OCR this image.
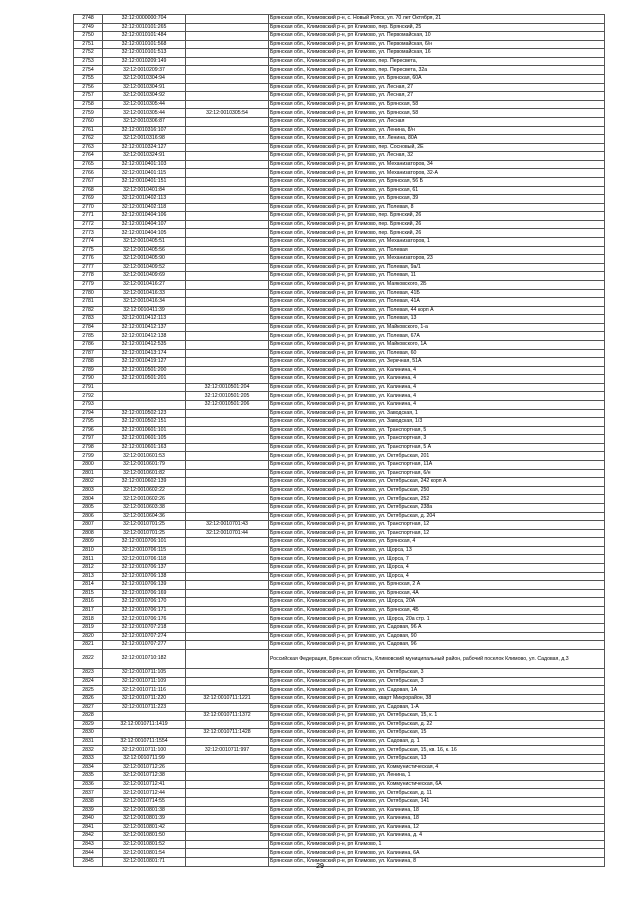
2748	32:12:0000000:704		Брянская обл., Климовский р-н, с. Новый Ропск, ул. 70 лет Октября, 21
2749	32:12:0010101:265		Брянская обл., Климовский р-н, рп Климово, пер. Брянский, 25
2750	32:12:0010101:484		Брянская обл., Климовский р-н, рп Климово, ул. Первомайская, 10
2751	32:12:0010101:568		Брянская обл., Климовский р-н, рп Климово, ул. Первомайская, 6/н
2752	32:12:0010101:513		Брянская обл., Климовский р-н, рп Климово, ул. Первомайская, 16
2753	32:12:0010209:149		Брянская обл., Климовский р-н, рп Климово, пер. Пересвета,
2754	32:12:0010209:37		Брянская обл., Климовский р-н, рп Климово, пер. Пересвета, 32а
2755	32:12:0010304:94		Брянская обл., Климовский р-н, рп Климово, ул. Брянская, 60А
2756	32:12:0010304:91		Брянская обл., Климовский р-н, рп Климово, ул. Лесная, 27
2757	32:12:0010304:92		Брянская обл., Климовский р-н, рп Климово, ул. Лесная, 27
2758	32:12:0010305:44		Брянская обл., Климовский р-н, рп Климово, ул. Брянская, 58
2759	32:12:0010305:44	32:12:0010305:54	Брянская обл., Климовский р-н, рп Климово, ул. Брянская, 58
2760	32:12:0010306:87		Брянская обл., Климовский р-н, рп Климово, ул. Лесная
2761	32:12:0010316:107		Брянская обл., Климовский р-н, рп Климово, ул. Ленина, 8/н
2762	32:12:0010316:98		Брянская обл., Климовский р-н, рп Климово, пл. Ленина, 80А
2763	32:12:0010324:127		Брянская обл., Климовский р-н, рп Климово, пер. Сосновый, 2Е
2764	32:12:0010324:91		Брянская обл., Климовский р-н, рп Климово, ул. Лесная, 32
2765	32:12:0010401:103		Брянская обл., Климовский р-н, рп Климово, ул. Механизаторов, 34
2766	32:12:0010401:115		Брянская обл., Климовский р-н, рп Климово, ул. Механизаторов, 32-А
2767	32:12:0010401:151		Брянская обл., Климовский р-н, рп Климово, ул. Брянская, 56 Б
2768	32:12:0010401:84		Брянская обл., Климовский р-н, рп Климово, ул. Брянская, 61
2769	32:12:0010402:113		Брянская обл., Климовский р-н, рп Климово, ул. Брянская, 39
2770	32:12:0010402:118		Брянская обл., Климовский р-н, рп Климово, ул. Полевая, 8
2771	32:12:0010404:106		Брянская обл., Климовский р-н, рп Климово, пер. Брянский, 26
2772	32:12:0010404:107		Брянская обл., Климовский р-н, рп Климово, пер. Брянский, 26
2773	32:12:0010404:105		Брянская обл., Климовский р-н, рп Климово, пер. Брянский, 26
2774	32:12:0010405:51		Брянская обл., Климовский р-н, рп Климово, ул. Механизаторов, 1
2775	32:12:0010405:56		Брянская обл., Климовский р-н, рп Климово, ул. Полевая
2776	32:12:0010405:90		Брянская обл., Климовский р-н, рп Климово, ул. Механизаторов, 23
2777	32:12:0010409:52		Брянская обл., Климовский р-н, рп Климово, ул. Полевая, 9а/1
2778	32:12:0010409:69		Брянская обл., Климовский р-н, рп Климово, ул. Полевая, 11
2779	32:12:0010416:27		Брянская обл., Климовский р-н, рп Климово, ул. Маяковского, 2Б
2780	32:12:0010416:33		Брянская обл., Климовский р-н, рп Климово, ул. Полевая, 41Б
2781	32:12:0010416:34		Брянская обл., Климовский р-н, рп Климово, ул. Полевая, 41А
2782	32:12:0010411:39		Брянская обл., Климовский р-н, рп Климово, ул. Полевая, 44 корп А
2783	32:12:0010412:113		Брянская обл., Климовский р-н, рп Климово, ул. Полевая, 13
2784	32:12:0010412:137		Брянская обл., Климовский р-н, рп Климово, ул. Майковского, 1-а
2785	32:12:0010412:138		Брянская обл., Климовский р-н, рп Климово, ул. Полевая, 67А
2786	32:12:0010412:535		Брянская обл., Климовский р-н, рп Климово, ул. Майковского, 1А
2787	32:12:0010413:174		Брянская обл., Климовский р-н, рп Климово, ул. Полевая, 60
2788	32:12:0010419:127		Брянская обл., Климовский р-н, рп Климово, ул. Зеркчная, 51А
2789	32:12:0010501:200		Брянская обл., Климовский р-н, рп Климово, ул. Калинина, 4
2790	32:12:0010501:201		Брянская обл., Климовский р-н, рп Климово, ул. Калинина, 4
2791		32:12:0010501:204	Брянская обл., Климовский р-н, рп Климово, ул. Калинина, 4
2792		32:12:0010501:205	Брянская обл., Климовский р-н, рп Климово, ул. Калинина, 4
2793		32:12:0010501:206	Брянская обл., Климовский р-н, рп Климово, ул. Калинина, 4
2794	32:12:0010502:123		Брянская обл., Климовский р-н, рп Климово, ул. Заводская, 1
2795	32:12:0010502:151		Брянская обл., Климовский р-н, рп Климово, ул. Заводская, 1/3
2796	32:12:0010601:101		Брянская обл., Климовский р-н, рп Климово, ул. Транспортная, 5
2797	32:12:0010601:105		Брянская обл., Климовский р-н, рп Климово, ул. Транспортная, 3
2798	32:12:0010601:163		Брянская обл., Климовский р-н, рп Климово, ул. Транспортная, 5 А
2799	32:12:0010601:53		Брянская обл., Климовский р-н, рп Климово, ул. Октябрьская, 201
2800	32:12:0010601:79		Брянская обл., Климовский р-н, рп Климово, ул. Транспортная, 11А
2801	32:12:0010601:82		Брянская обл., Климовский р-н, рп Климово, ул. Транспортная, 6/н
2802	32:12:0010602:139		Брянская обл., Климовский р-н, рп Климово, ул. Октябрьская, 242 корп А
2803	32:12:0010602:22		Брянская обл., Климовский р-н, рп Климово, ул. Октябрьская, 250
2804	32:12:0010602:26		Брянская обл., Климовский р-н, рп Климово, ул. Октябрьская, 252
2805	32:12:0010603:38		Брянская обл., Климовский р-н, рп Климово, ул. Октябрьская, 238а
2806	32:12:0010604:36		Брянская обл., Климовский р-н, рп Климово, ул. Октябрьская, д. 204
2807	32:12:0010701:25	32:12:0010701:43	Брянская обл., Климовский р-н, рп Климово, ул. Транспортная, 12
2808	32:12:0010701:25	32:12:0010701:44	Брянская обл., Климовский р-н, рп Климово, ул. Транспортная, 12
2809	32:12:0010706:101		Брянская обл., Климовский р-н, рп Климово, ул. Брянская, 4
2810	32:12:0010706:115		Брянская обл., Климовский р-н, рп Климово, ул. Щорса, 13
2811	32:12:0010706:118		Брянская обл., Климовский р-н, рп Климово, ул. Щорса, 7
2812	32:12:0010706:137		Брянская обл., Климовский р-н, рп Климово, ул. Щорса, 4
2813	32:12:0010706:138		Брянская обл., Климовский р-н, рп Климово, ул. Щорса, 4
2814	32:12:0010706:139		Брянская обл., Климовский р-н, рп Климово, ул. Брянская, 2 А
2815	32:12:0010706:169		Брянская обл., Климовский р-н, рп Климово, ул. Брянская, 4А
2816	32:12:0010706:170		Брянская обл., Климовский р-н, рп Климово, ул. Щорса, 20А
2817	32:12:0010706:171		Брянская обл., Климовский р-н, рп Климово, ул. Брянская, 4Б
2818	32:12:0010706:176		Брянская обл., Климовский р-н, рп Климово, ул. Щорса, 20а стр. 1
2819	32:12:0010707:218		Брянская обл., Климовский р-н, рп Климово, ул. Садовая, 96 А
2820	32:12:0010707:274		Брянская обл., Климовский р-н, рп Климово, ул. Садовая, 90
2821	32:12:0010707:277		Брянская обл., Климовский р-н, рп Климово, ул. Садовая, 96
2822	32:12:0010710:182		Российская Федерация, Брянская область, Климовский муниципальный район, рабочий поселок Климово, ул. Садовая, д.3
2823	32:12:0010711:105		Брянская обл., Климовский р-н, рп Климово, ул. Октябрьская, 3
2824	32:12:0010711:109		Брянская обл., Климовский р-н, рп Климово, ул. Октябрьская, 3
2825	32:12:0010711:116		Брянская обл., Климовский р-н, рп Климово, ул. Садовая, 1А
2826	32:12:0010711:220	32:12:0010711:1221	Брянская обл., Климовский р-н, рп Климово, кварт Микрорайон, 38
2827	32:12:0010711:223		Брянская обл., Климовский р-н, рп Климово, ул. Садовая, 1-А
2828		32:12:0010711:1372	Брянская обл., Климовский р-н, рп Климово, ул. Октябрьская, 15, к. 1
2829	32:12:0010711:1419		Брянская обл., Климовский р-н, рп Климово, ул. Октябрьская, д. 22
2830		32:12:0010711:1428	Брянская обл., Климовский р-н, рп Климово, ул. Октябрьская, 15
2831	32:12:0010711:1554		Брянская обл., Климовский р-н, рп Климово, ул. Садовая, д. 1
2832	32:12:0010711:100	32:12:0010711:997	Брянская обл., Климовский р-н, рп Климово, ул. Октябрьская, 15, кв. 16, к. 16
2833	32:12:0010711:99		Брянская обл., Климовский р-н, рп Климово, ул. Октябрьская, 13
2834	32:12:0010712:26		Брянская обл., Климовский р-н, рп Климово, ул. Коммунистическая, 4
2835	32:12:0010712:38		Брянская обл., Климовский р-н, рп Климово, ул. Ленина, 1
2836	32:12:0010712:41		Брянская обл., Климовский р-н, рп Климово, ул. Коммунистическая, 6А
2837	32:12:0010712:44		Брянская обл., Климовский р-н, рп Климово, ул. Октябрьская, д. 11
2838	32:12:0010714:55		Брянская обл., Климовский р-н, рп Климово, ул. Октябрьская, 141
2839	32:12:0010801:38		Брянская обл., Климовский р-н, рп Климово, ул. Калинина, 18
2840	32:12:0010801:39		Брянская обл., Климовский р-н, рп Климово, ул. Калинина, 18
2841	32:12:0010801:42		Брянская обл., Климовский р-н, рп Климово, ул. Калинина, 12
2842	32:12:0010801:50		Брянская обл., Климовский р-н, рп Климово, ул. Калинина, д. 4
2843	32:12:0010801:52		Брянская обл., Климовский р-н, рп Климово, 1
2844	32:12:0010801:54		Брянская обл., Климовский р-н, рп Климово, ул. Калинина, 6А
2845	32:12:0010801:71		Брянская обл., Климовский р-н, рп Климово, ул. Калинина, 8
29
